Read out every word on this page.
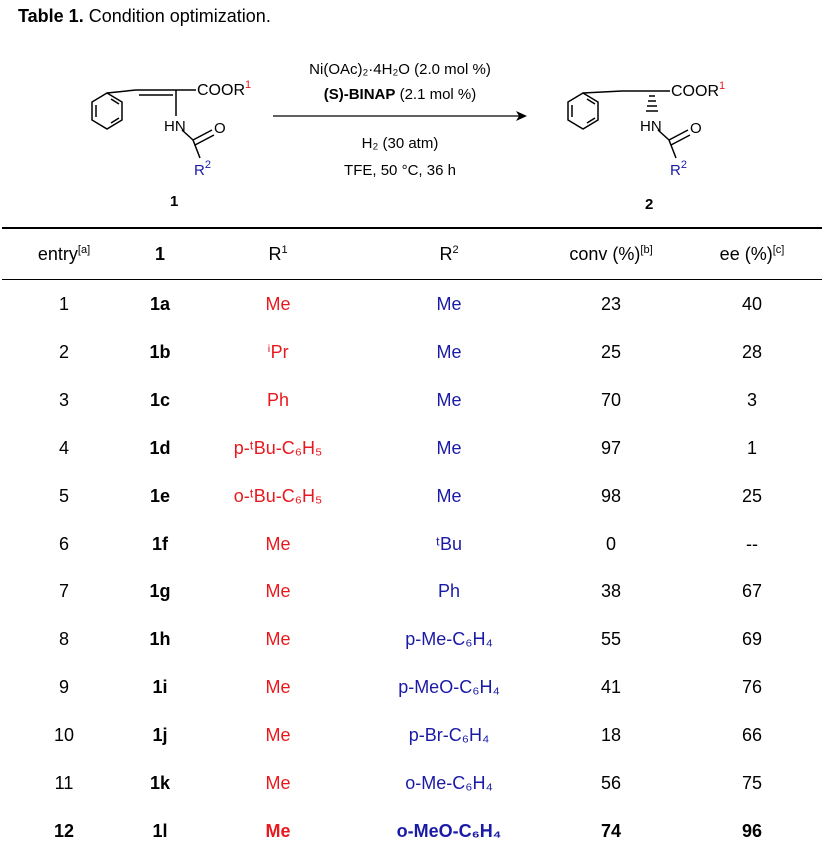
Table 1. Condition optimization.
COOR$^1$
HN O
$R^2$
1
Ni(OAc)₂·4H₂O (2.0 mol %)
(S)-BINAP (2.1 mol %)
H₂ (30 atm)
TFE, 50 °C, 36 h
COOR$^1$
HN O
$R^2$
2
entry[a]	1	$R^1$	$R^2$	conv (%)[b]	ee (%)[c]
1	1a	Me	Me	23	40
2	1b	ⁱPr	Me	25	28
3	1c	Ph	Me	70	3
4	1d	p-ᵗBu-C₆H₅	Me	97	1
5	1e	o-ᵗBu-C₆H₅	Me	98	25
6	1f	Me	ᵗBu	0	--
7	1g	Me	Ph	38	67
8	1h	Me	p-Me-C₆H₄	55	69
9	1i	Me	p-MeO-C₆H₄	41	76
10	1j	Me	p-Br-C₆H₄	18	66
11	1k	Me	o-Me-C₆H₄	56	75
12	1l	Me	o-MeO-C₆H₄	74	96
